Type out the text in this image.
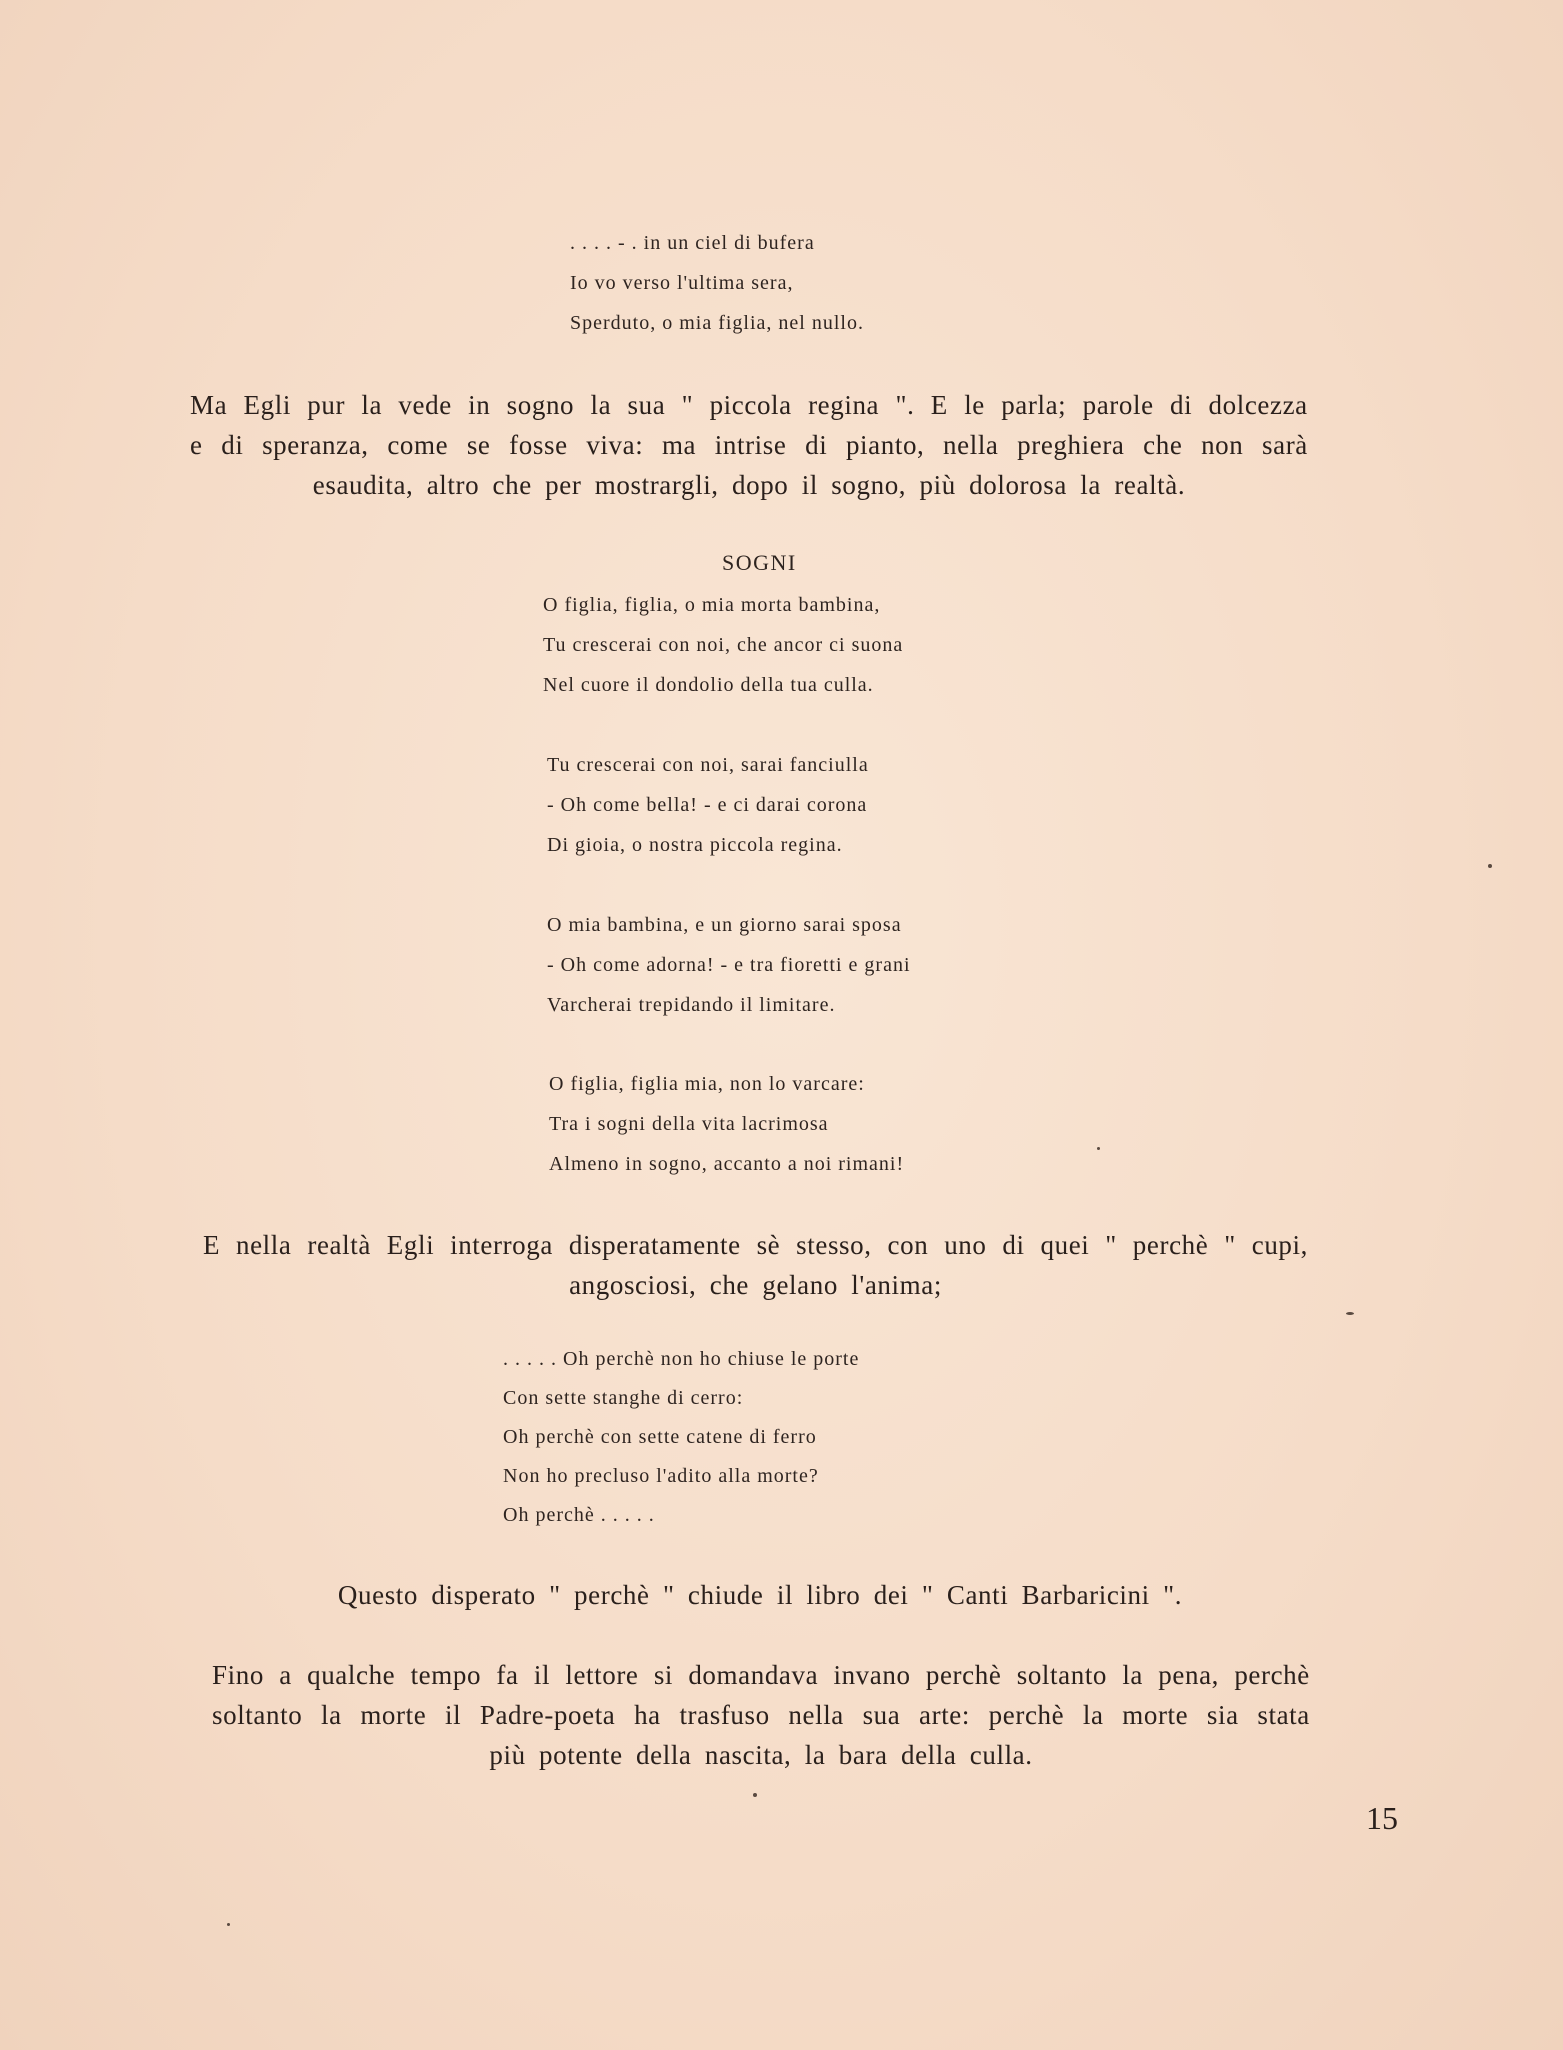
. . . . - . in un ciel di bufera
Io vo verso l'ultima sera,
Sperduto, o mia figlia, nel nullo.
Ma Egli pur la vede in sogno la sua " piccola regina ". E le parla; parole di dolcezza
e di speranza, come se fosse viva: ma intrise di pianto, nella preghiera che non sarà
esaudita, altro che per mostrargli, dopo il sogno, più dolorosa la realtà.
SOGNI
O figlia, figlia, o mia morta bambina,
Tu crescerai con noi, che ancor ci suona
Nel cuore il dondolio della tua culla.
Tu crescerai con noi, sarai fanciulla
- Oh come bella! - e ci darai corona
Di gioia, o nostra piccola regina.
O mia bambina, e un giorno sarai sposa
- Oh come adorna! - e tra fioretti e grani
Varcherai trepidando il limitare.
O figlia, figlia mia, non lo varcare:
Tra i sogni della vita lacrimosa
Almeno in sogno, accanto a noi rimani!
E nella realtà Egli interroga disperatamente sè stesso, con uno di quei " perchè " cupi,
angosciosi, che gelano l'anima;
. . . . . Oh perchè non ho chiuse le porte
Con sette stanghe di cerro:
Oh perchè con sette catene di ferro
Non ho precluso l'adito alla morte?
Oh perchè . . . . .
Questo disperato " perchè " chiude il libro dei " Canti Barbaricini ".
Fino a qualche tempo fa il lettore si domandava invano perchè soltanto la pena, perchè
soltanto la morte il Padre-poeta ha trasfuso nella sua arte: perchè la morte sia stata
più potente della nascita, la bara della culla.
15
